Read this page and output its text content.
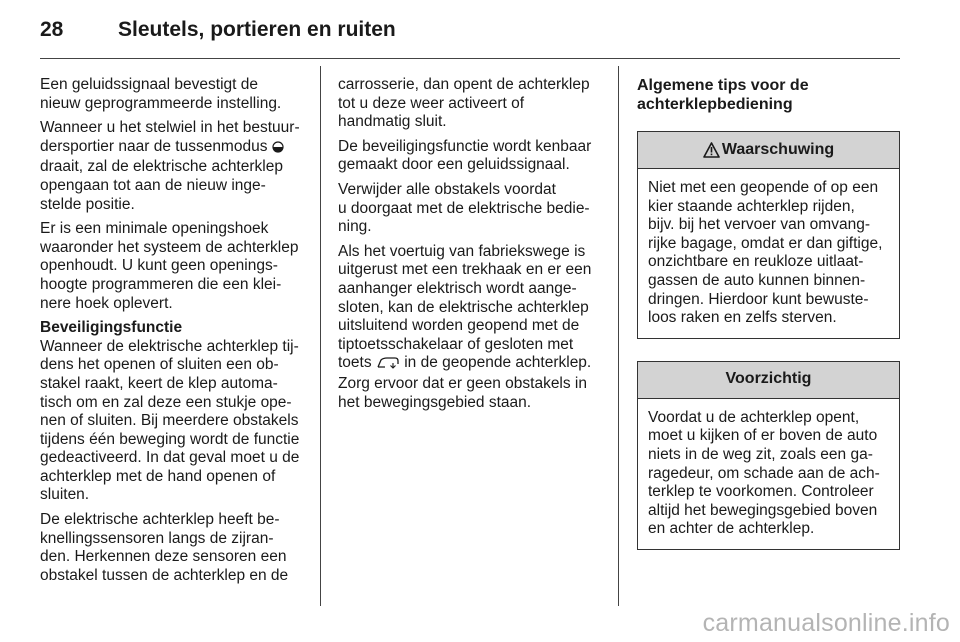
28	Sleutels, portieren en ruiten

Een geluidssignaal bevestigt de
nieuw geprogrammeerde instelling.

Wanneer u het stelwiel in het bestuur-
dersportier naar de tussenmodus
draait, zal de elektrische achterklep
opengaan tot aan de nieuw inge-
stelde positie.

Er is een minimale openingshoek
waaronder het systeem de achterklep
openhoudt. U kunt geen openings-
hoogte programmeren die een klei-
nere hoek oplevert.

Beveiligingsfunctie

Wanneer de elektrische achterklep tij-
dens het openen of sluiten een ob-
stakel raakt, keert de klep automa-
tisch om en zal deze een stukje ope-
nen of sluiten. Bij meerdere obstakels
tijdens één beweging wordt de functie
gedeactiveerd. In dat geval moet u de
achterklep met de hand openen of
sluiten.

De elektrische achterklep heeft be-
knellingssensoren langs de zijran-
den. Herkennen deze sensoren een
obstakel tussen de achterklep en de

carrosserie, dan opent de achterklep
tot u deze weer activeert of
handmatig sluit.

De beveiligingsfunctie wordt kenbaar
gemaakt door een geluidssignaal.

Verwijder alle obstakels voordat
u doorgaat met de elektrische bedie-
ning.

Als het voertuig van fabriekswege is
uitgerust met een trekhaak en er een
aanhanger elektrisch wordt aange-
sloten, kan de elektrische achterklep
uitsluitend worden geopend met de
tiptoetsschakelaar of gesloten met
toets  in de geopende achterklep.
Zorg ervoor dat er geen obstakels in
het bewegingsgebied staan.

Algemene tips voor de
achterklepbediening
Waarschuwing
Niet met een geopende of op een
kier staande achterklep rijden,
bijv. bij het vervoer van omvang-
rijke bagage, omdat er dan giftige,
onzichtbare en reukloze uitlaat-
gassen de auto kunnen binnen-
dringen. Hierdoor kunt bewuste-
loos raken en zelfs sterven.
Voorzichtig
Voordat u de achterklep opent,
moet u kijken of er boven de auto
niets in de weg zit, zoals een ga-
ragedeur, om schade aan de ach-
terklep te voorkomen. Controleer
altijd het bewegingsgebied boven
en achter de achterklep.
carmanualsonline.info
